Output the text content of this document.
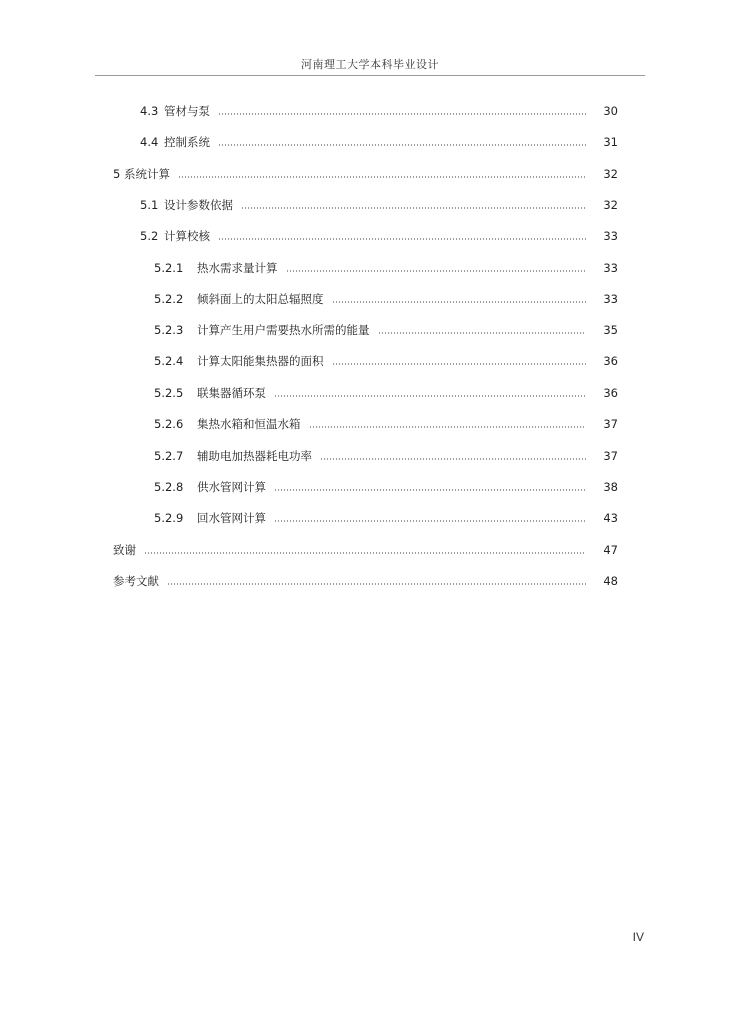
河南理工大学本科毕业设计
4.3 管材与泵	30
4.4 控制系统	31
5 系统计算	32
5.1 设计参数依据	32
5.2 计算校核	33
5.2.1	热水需求量计算	33
5.2.2	倾斜面上的太阳总辐照度	33
5.2.3	计算产生用户需要热水所需的能量	35
5.2.4	计算太阳能集热器的面积	36
5.2.5	联集器循环泵	36
5.2.6	集热水箱和恒温水箱	37
5.2.7	辅助电加热器耗电功率	37
5.2.8	供水管网计算	38
5.2.9	回水管网计算	43
致谢	47
参考文献	48
IV
